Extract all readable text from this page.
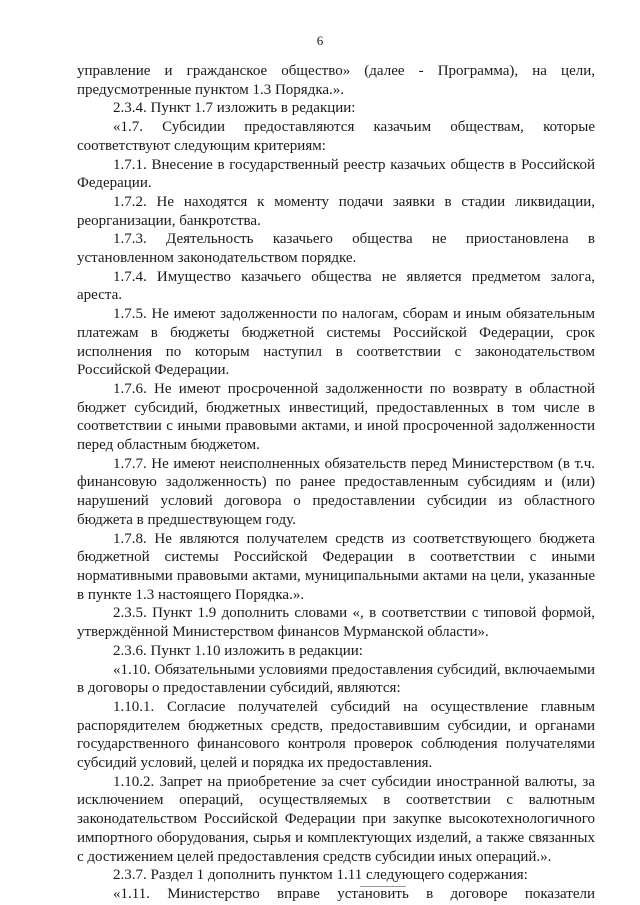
6

управление и гражданское общество» (далее - Программа), на цели, предусмотренные пунктом 1.3 Порядка.».

2.3.4. Пункт 1.7 изложить в редакции:

«1.7. Субсидии предоставляются казачьим обществам, которые соответствуют следующим критериям:

1.7.1. Внесение в государственный реестр казачьих обществ в Российской Федерации.

1.7.2. Не находятся к моменту подачи заявки в стадии ликвидации, реорганизации, банкротства.

1.7.3. Деятельность казачьего общества не приостановлена в установленном законодательством порядке.

1.7.4. Имущество казачьего общества не является предметом залога, ареста.

1.7.5. Не имеют задолженности по налогам, сборам и иным обязательным платежам в бюджеты бюджетной системы Российской Федерации, срок исполнения по которым наступил в соответствии с законодательством Российской Федерации.

1.7.6. Не имеют просроченной задолженности по возврату в областной бюджет субсидий, бюджетных инвестиций, предоставленных в том числе в соответствии с иными правовыми актами, и иной просроченной задолженности перед областным бюджетом.

1.7.7. Не имеют неисполненных обязательств перед Министерством (в т.ч. финансовую задолженность) по ранее предоставленным субсидиям и (или) нарушений условий договора о предоставлении субсидии из областного бюджета в предшествующем году.

1.7.8. Не являются получателем средств из соответствующего бюджета бюджетной системы Российской Федерации в соответствии с иными нормативными правовыми актами, муниципальными актами на цели, указанные в пункте 1.3 настоящего Порядка.».

2.3.5. Пункт 1.9 дополнить словами «, в соответствии с типовой формой, утверждённой Министерством финансов Мурманской области».

2.3.6. Пункт 1.10 изложить в редакции:

«1.10. Обязательными условиями предоставления субсидий, включаемыми в договоры о предоставлении субсидий, являются:

1.10.1. Согласие получателей субсидий на осуществление главным распорядителем бюджетных средств, предоставившим субсидии, и органами государственного финансового контроля проверок соблюдения получателями субсидий условий, целей и порядка их предоставления.

1.10.2. Запрет на приобретение за счет субсидии иностранной валюты, за исключением операций, осуществляемых в соответствии с валютным законодательством Российской Федерации при закупке высокотехнологичного импортного оборудования, сырья и комплектующих изделий, а также связанных с достижением целей предоставления средств субсидии иных операций.».

2.3.7. Раздел 1 дополнить пунктом 1.11 следующего содержания:

«1.11. Министерство вправе установить в договоре показатели
